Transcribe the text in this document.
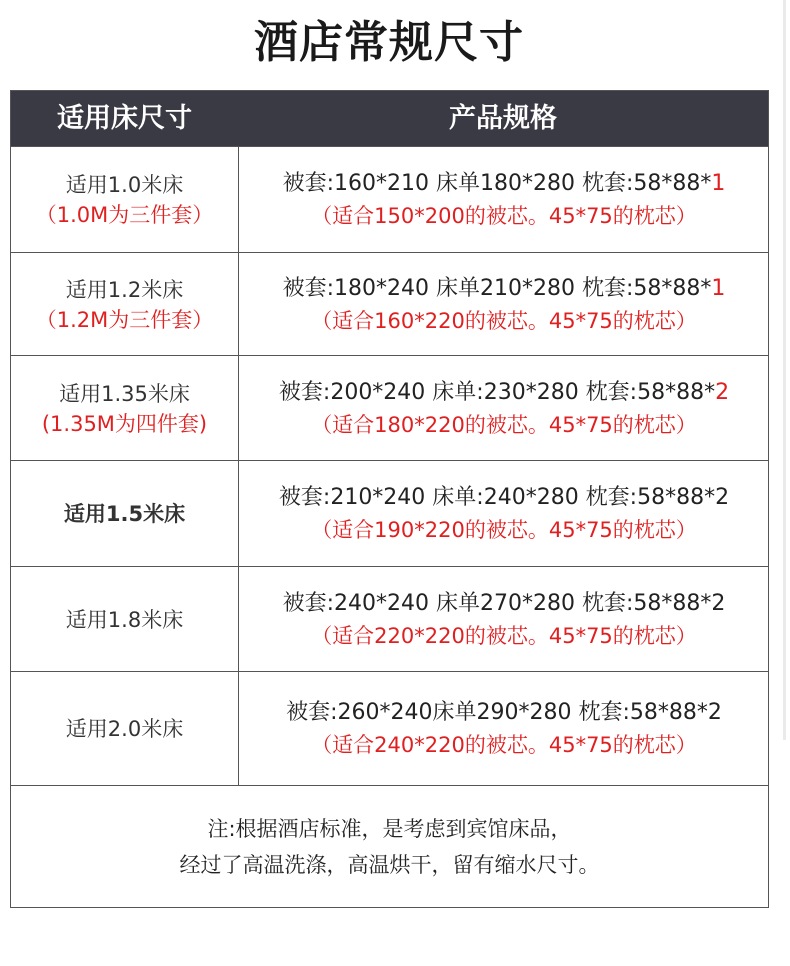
酒店常规尺寸
适用床尺寸	产品规格
适用1.0米床
（1.0M为三件套）
被套:160*210 床单180*280 枕套:58*88*1
（适合150*200的被芯。45*75的枕芯）
适用1.2米床
（1.2M为三件套）
被套:180*240 床单210*280 枕套:58*88*1
（适合160*220的被芯。45*75的枕芯）
适用1.35米床
(1.35M为四件套)
被套:200*240 床单:230*280 枕套:58*88*2
（适合180*220的被芯。45*75的枕芯）
适用1.5米床
被套:210*240 床单:240*280 枕套:58*88*2
（适合190*220的被芯。45*75的枕芯）
适用1.8米床
被套:240*240 床单270*280 枕套:58*88*2
（适合220*220的被芯。45*75的枕芯）
适用2.0米床
被套:260*240床单290*280 枕套:58*88*2
（适合240*220的被芯。45*75的枕芯）
注:根据酒店标准，是考虑到宾馆床品，
经过了高温洗涤，高温烘干，留有缩水尺寸。
